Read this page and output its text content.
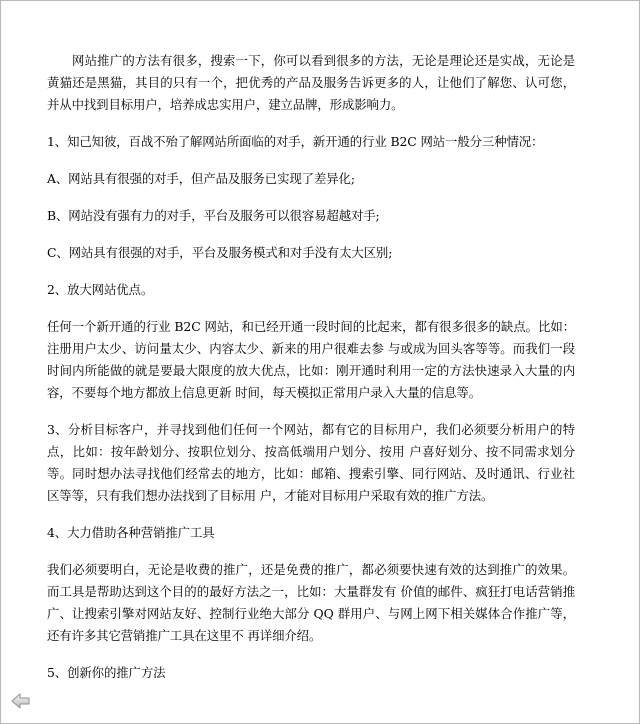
网站推广的方法有很多，搜索一下，你可以看到很多的方法，无论是理论还是实战，无论是黄猫还是黑猫，其目的只有一个，把优秀的产品及服务告诉更多的人，让他们了解您、认可您，并从中找到目标用户，培养成忠实用户，建立品牌，形成影响力。

1、知己知彼，百战不殆了解网站所面临的对手，新开通的行业 B2C 网站一般分三种情况：

A、网站具有很强的对手，但产品及服务已实现了差异化;

B、网站没有强有力的对手，平台及服务可以很容易超越对手;

C、网站具有很强的对手，平台及服务模式和对手没有太大区别;

2、放大网站优点。

任何一个新开通的行业 B2C 网站，和已经开通一段时间的比起来，都有很多很多的缺点。比如：注册用户太少、访问量太少、内容太少、新来的用户很难去参 与或成为回头客等等。而我们一段时间内所能做的就是要最大限度的放大优点，比如：刚开通时利用一定的方法快速录入大量的内容，不要每个地方都放上信息更新 时间，每天模拟正常用户录入大量的信息等。

3、分析目标客户，并寻找到他们任何一个网站，都有它的目标用户，我们必须要分析用户的特点，比如：按年龄划分、按职位划分、按高低端用户划分、按用 户喜好划分、按不同需求划分等。同时想办法寻找他们经常去的地方，比如：邮箱、搜索引擎、同行网站、及时通讯、行业社区等等，只有我们想办法找到了目标用 户，才能对目标用户采取有效的推广方法。

4、大力借助各种营销推广工具

我们必须要明白，无论是收费的推广，还是免费的推广，都必须要快速有效的达到推广的效果。而工具是帮助达到这个目的的最好方法之一，比如：大量群发有 价值的邮件、疯狂打电话营销推广、让搜索引擎对网站友好、控制行业绝大部分 QQ 群用户、与网上网下相关媒体合作推广等，还有许多其它营销推广工具在这里不 再详细介绍。

5、创新你的推广方法
